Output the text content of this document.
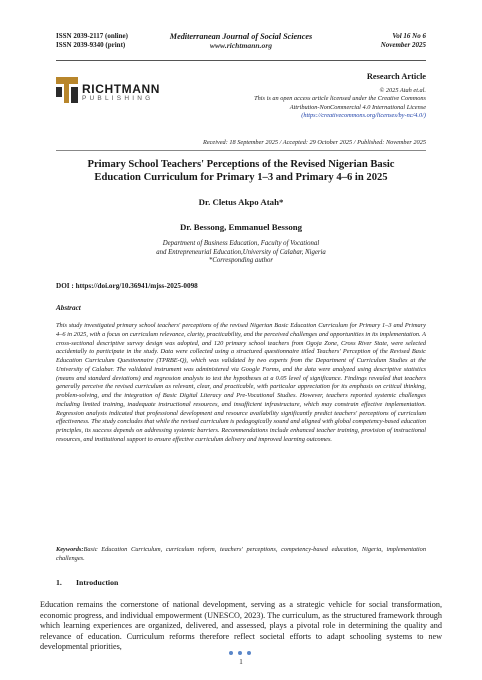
ISSN 2039-2117 (online)
ISSN 2039-9340 (print)
Mediterranean Journal of Social Sciences
www.richtmann.org
Vol 16 No 6
November 2025
RICHTMANN
PUBLISHING
Research Article
© 2025 Atah et.al.
This is an open access article licensed under the Creative Commons
Attribution-NonCommercial 4.0 International License
(https://creativecommons.org/licenses/by-nc/4.0/)
Received: 18 September 2025 / Accepted: 29 October 2025 / Published: November 2025
Primary School Teachers' Perceptions of the Revised Nigerian Basic
Education Curriculum for Primary 1–3 and Primary 4–6 in 2025
Dr. Cletus Akpo Atah*
Dr. Bessong, Emmanuel Bessong
Department of Business Education, Faculty of Vocational
and Entrepreneurial Education,University of Calabar, Nigeria
*Corresponding author
DOI : https://doi.org/10.36941/mjss-2025-0098
Abstract
This study investigated primary school teachers' perceptions of the revised Nigerian Basic Education Curriculum for Primary 1–3 and Primary 4–6 in 2025, with a focus on curriculum relevance, clarity, practicability, and the perceived challenges and opportunities in its implementation. A cross-sectional descriptive survey design was adopted, and 120 primary school teachers from Ogoja Zone, Cross River State, were selected accidentally to participate in the study. Data were collected using a structured questionnaire titled Teachers' Perception of the Revised Basic Education Curriculum Questionnaire (TPRBE-Q), which was validated by two experts from the Department of Curriculum Studies at the University of Calabar. The validated instrument was administered via Google Forms, and the data were analyzed using descriptive statistics (means and standard deviations) and regression analysis to test the hypotheses at a 0.05 level of significance. Findings revealed that teachers generally perceive the revised curriculum as relevant, clear, and practicable, with particular appreciation for its emphasis on critical thinking, problem-solving, and the integration of Basic Digital Literacy and Pre-Vocational Studies. However, teachers reported systemic challenges including limited training, inadequate instructional resources, and insufficient infrastructure, which may constrain effective implementation. Regression analysis indicated that professional development and resource availability significantly predict teachers' perceptions of curriculum effectiveness. The study concludes that while the revised curriculum is pedagogically sound and aligned with global competency-based education principles, its success depends on addressing systemic barriers. Recommendations include enhanced teacher training, provision of instructional resources, and institutional support to ensure effective curriculum delivery and improved learning outcomes.
Keywords:Basic Education Curriculum, curriculum reform, teachers' perceptions, competency-based education, Nigeria, implementation challenges.
1. Introduction
Education remains the cornerstone of national development, serving as a strategic vehicle for social transformation, economic progress, and individual empowerment (UNESCO, 2023). The curriculum, as the structured framework through which learning experiences are organized, delivered, and assessed, plays a pivotal role in determining the quality and relevance of education. Curriculum reforms therefore reflect societal efforts to adapt schooling systems to new developmental priorities,
1
